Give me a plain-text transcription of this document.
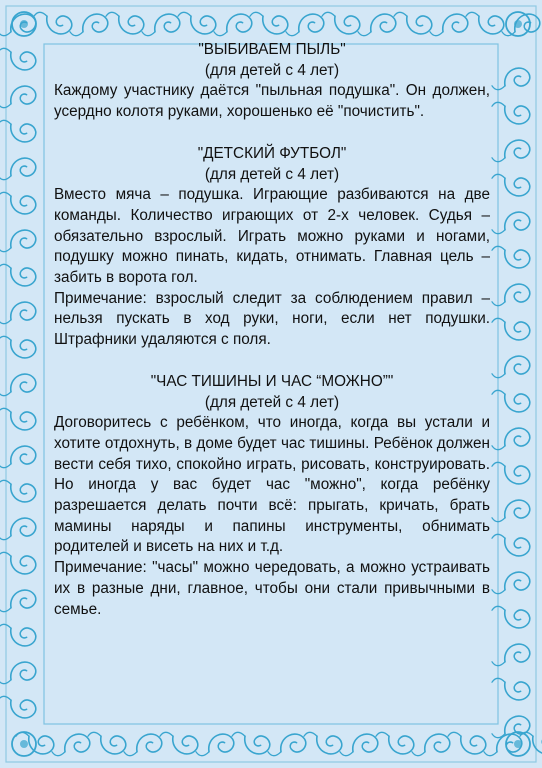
"ВЫБИВАЕМ ПЫЛЬ"
(для детей с 4 лет)
Каждому участнику даётся "пыльная подушка". Он должен, усердно колотя руками, хорошенько её "почистить".
"ДЕТСКИЙ ФУТБОЛ"
(для детей с 4 лет)
Вместо мяча – подушка. Играющие разбиваются на две команды. Количество играющих от 2-х человек. Судья – обязательно взрослый. Играть можно руками и ногами, подушку можно пинать, кидать, отнимать. Главная цель – забить в ворота гол.
Примечание: взрослый следит за соблюдением правил – нельзя пускать в ход руки, ноги, если нет подушки. Штрафники удаляются с поля.
"ЧАС ТИШИНЫ И ЧАС “МОЖНО”"
(для детей с 4 лет)
Договоритесь с ребёнком, что иногда, когда вы устали и хотите отдохнуть, в доме будет час тишины. Ребёнок должен вести себя тихо, спокойно играть, рисовать, конструировать. Но иногда у вас будет час "можно", когда ребёнку разрешается делать почти всё: прыгать, кричать, брать мамины наряды и папины инструменты, обнимать родителей и висеть на них и т.д.
Примечание: "часы" можно чередовать, а можно устраивать их в разные дни, главное, чтобы они стали привычными в семье.
